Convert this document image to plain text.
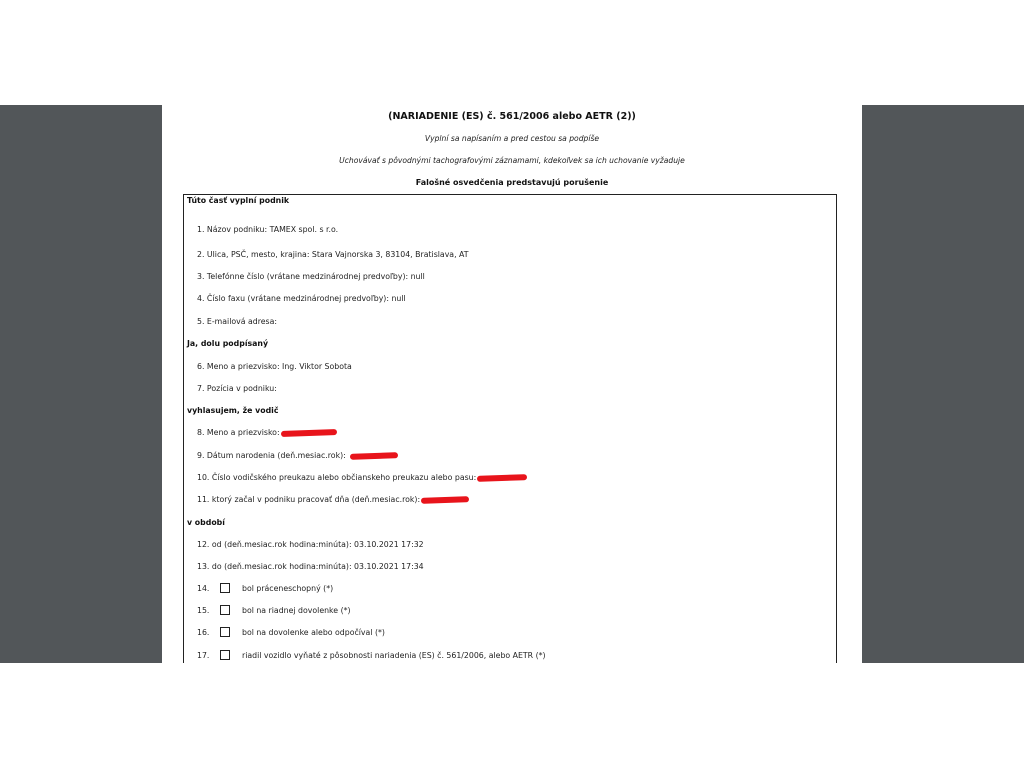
(NARIADENIE (ES) č. 561/2006 alebo AETR (2))
Vyplní sa napísaním a pred cestou sa podpíše
Uchovávať s pôvodnými tachografovými záznamami, kdekoľvek sa ich uchovanie vyžaduje
Falošné osvedčenia predstavujú porušenie
Túto časť vyplní podnik
1. Názov podniku: TAMEX spol. s r.o.
2. Ulica, PSČ, mesto, krajina: Stara Vajnorska 3, 83104, Bratislava, AT
3. Telefónne číslo (vrátane medzinárodnej predvoľby): null
4. Číslo faxu (vrátane medzinárodnej predvoľby): null
5. E-mailová adresa:
Ja, dolu podpísaný
6. Meno a priezvisko: Ing. Viktor Sobota
7. Pozícia v podniku:
vyhlasujem, že vodič
8. Meno a priezvisko:
9. Dátum narodenia (deň.mesiac.rok):
10. Číslo vodičského preukazu alebo občianskeho preukazu alebo pasu:
11. ktorý začal v podniku pracovať dňa (deň.mesiac.rok):
v období
12. od (deň.mesiac.rok hodina:minúta): 03.10.2021 17:32
13. do (deň.mesiac.rok hodina:minúta): 03.10.2021 17:34
14.	bol práceneschopný (*)
15.	bol na riadnej dovolenke (*)
16.	bol na dovolenke alebo odpočíval (*)
17.	riadil vozidlo vyňaté z pôsobnosti nariadenia (ES) č. 561/2006, alebo AETR (*)
